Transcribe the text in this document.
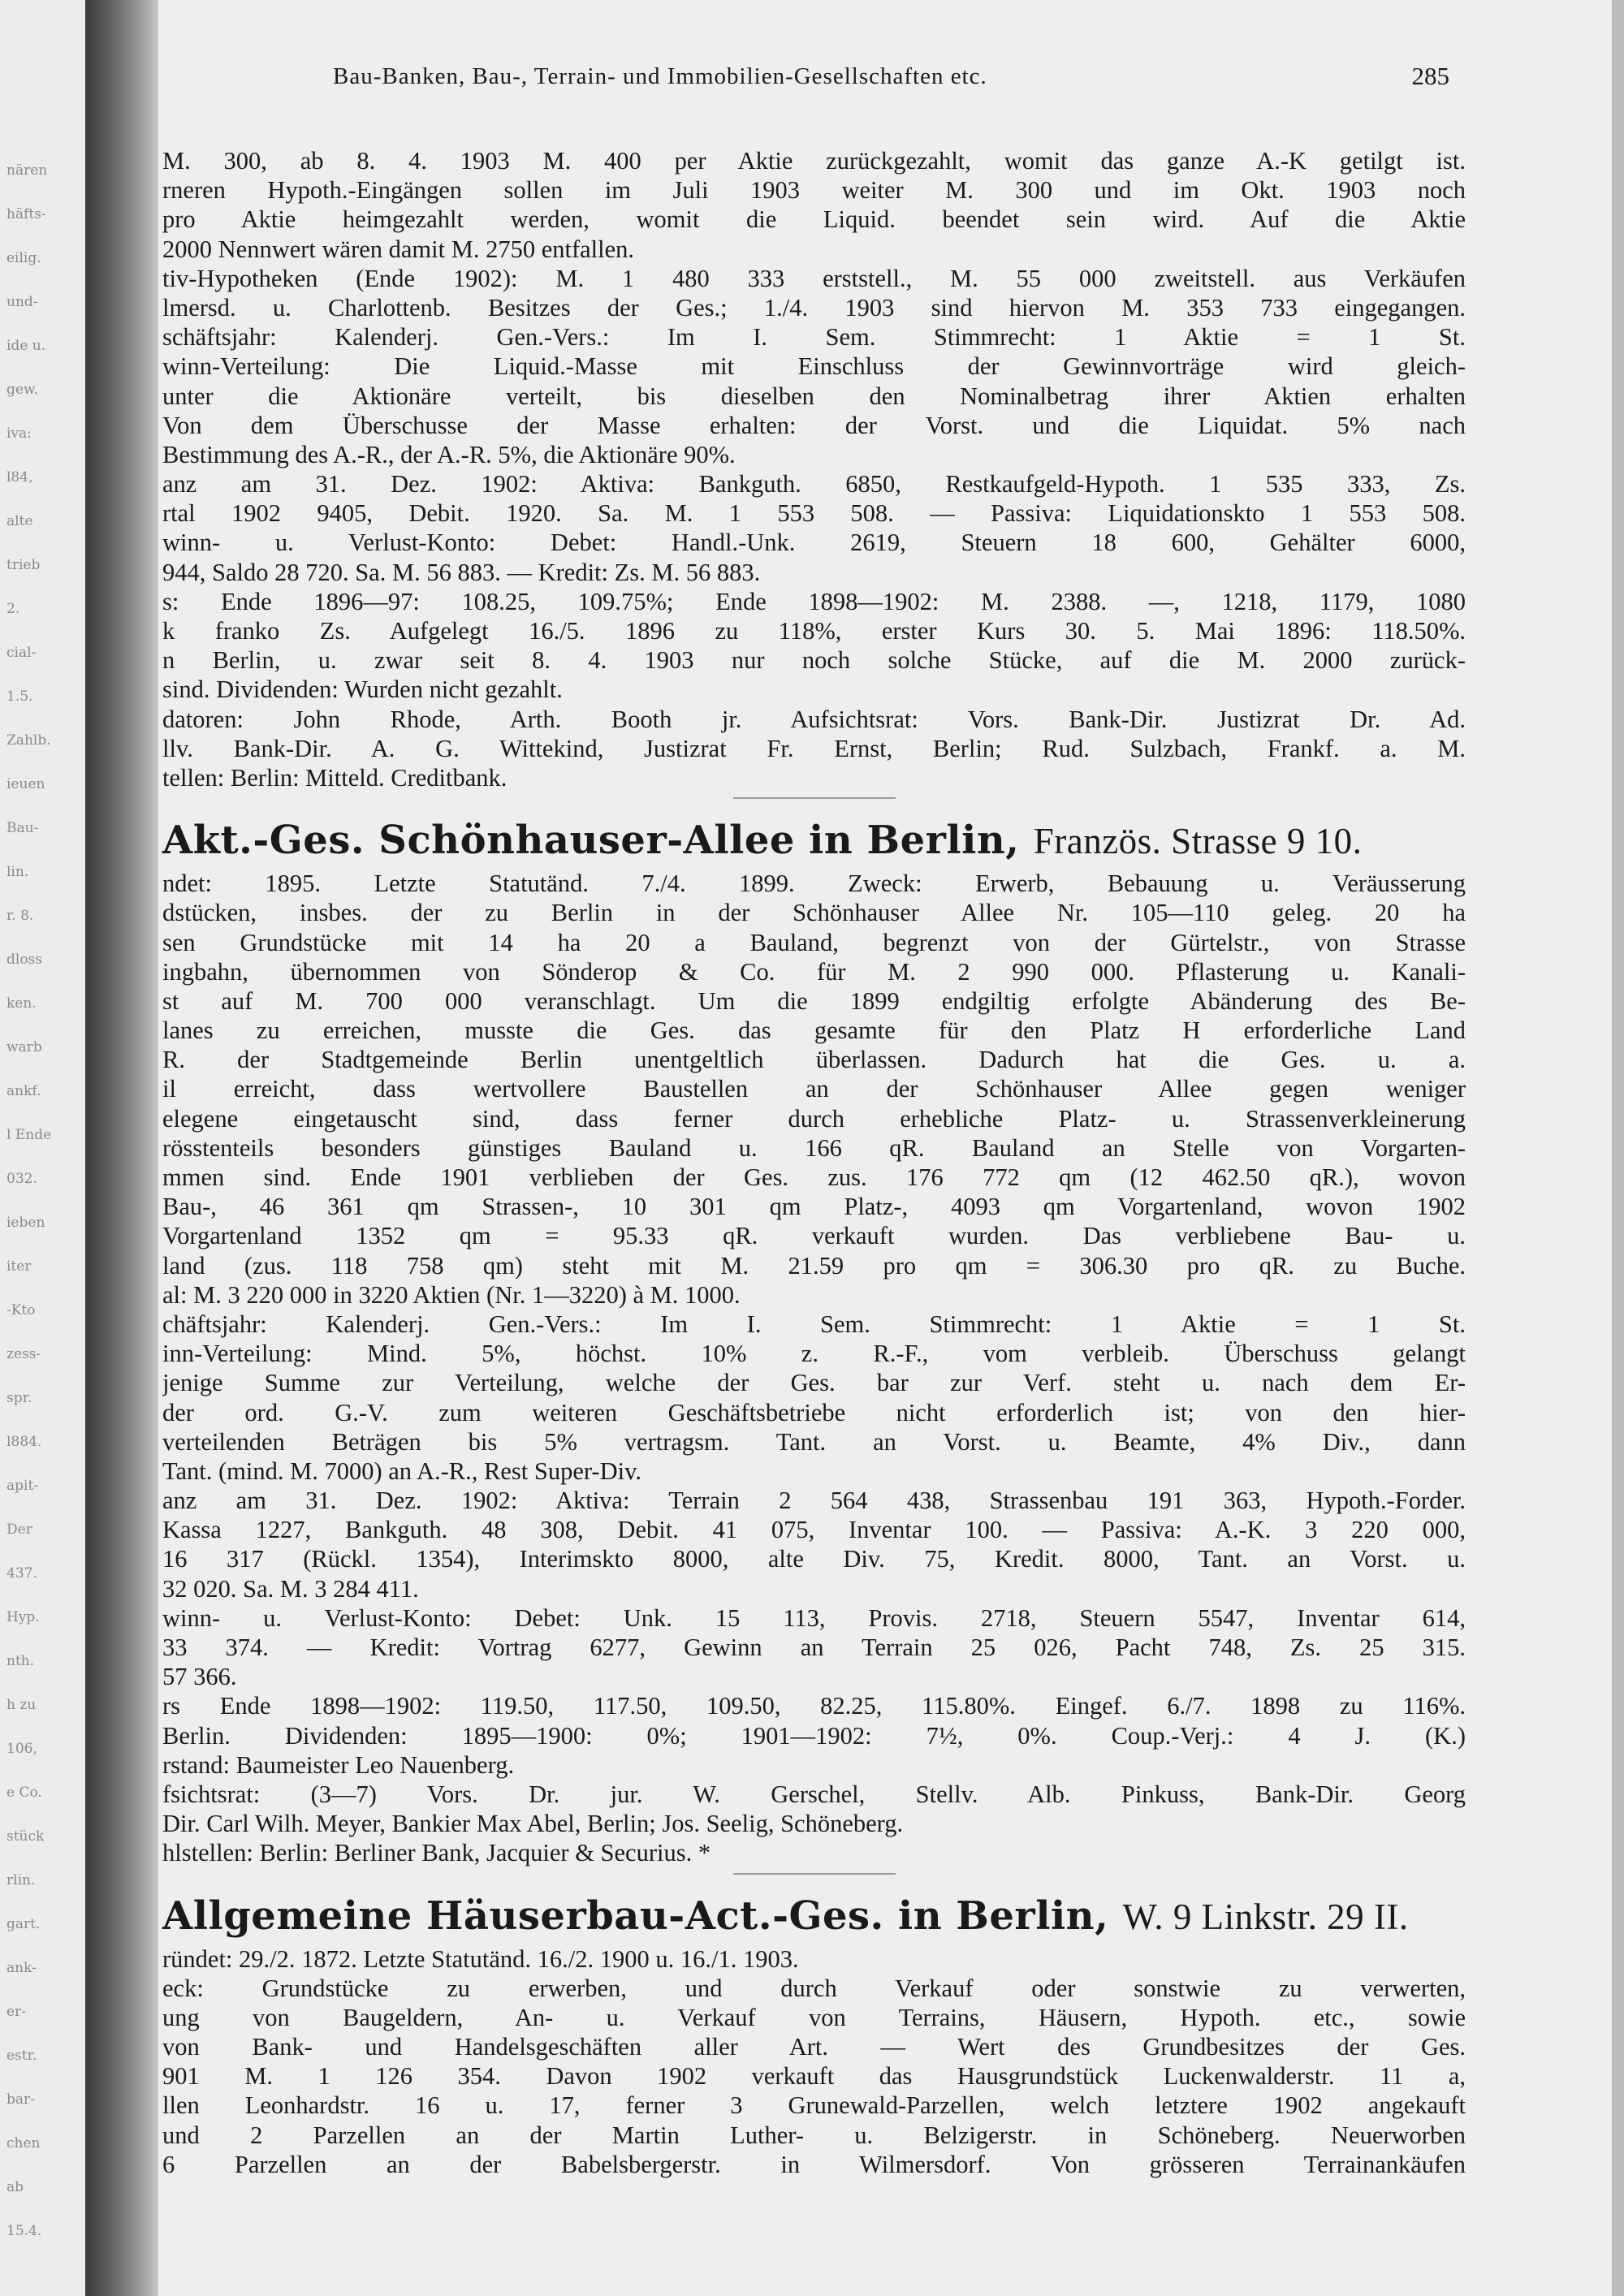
nären
häfts-
eilig.
und-
ide u.
gew.
iva:
l84,
alte
trieb
2.
cial-
1.5.
Zahlb.
ieuen
Bau-
lin.
r. 8.
dloss
ken.
warb
ankf.
l Ende
032.
ieben
iter
-Kto
zess-
spr.
l884.
apit-
Der
437.
Hyp.
nth.
h zu
106,
e Co.
stück
rlin.
gart.
ank-
er-
estr.
bar-
chen
ab
15.4.
Bau-Banken, Bau-, Terrain- und Immobilien-Gesellschaften etc.	285
M. 300, ab 8. 4. 1903 M. 400 per Aktie zurückgezahlt, womit das ganze A.-K getilgt ist.
rneren Hypoth.-Eingängen sollen im Juli 1903 weiter M. 300 und im Okt. 1903 noch
pro Aktie heimgezahlt werden, womit die Liquid. beendet sein wird. Auf die Aktie
2000 Nennwert wären damit M. 2750 entfallen.
tiv-Hypotheken (Ende 1902): M. 1 480 333 erststell., M. 55 000 zweitstell. aus Verkäufen
lmersd. u. Charlottenb. Besitzes der Ges.; 1./4. 1903 sind hiervon M. 353 733 eingegangen.
schäftsjahr: Kalenderj. Gen.-Vers.: Im I. Sem. Stimmrecht: 1 Aktie = 1 St.
winn-Verteilung: Die Liquid.-Masse mit Einschluss der Gewinnvorträge wird gleich-
unter die Aktionäre verteilt, bis dieselben den Nominalbetrag ihrer Aktien erhalten
Von dem Überschusse der Masse erhalten: der Vorst. und die Liquidat. 5% nach
Bestimmung des A.-R., der A.-R. 5%, die Aktionäre 90%.
anz am 31. Dez. 1902: Aktiva: Bankguth. 6850, Restkaufgeld-Hypoth. 1 535 333, Zs.
rtal 1902 9405, Debit. 1920. Sa. M. 1 553 508. — Passiva: Liquidationskto 1 553 508.
winn- u. Verlust-Konto: Debet: Handl.-Unk. 2619, Steuern 18 600, Gehälter 6000,
944, Saldo 28 720. Sa. M. 56 883. — Kredit: Zs. M. 56 883.
s: Ende 1896—97: 108.25, 109.75%; Ende 1898—1902: M. 2388. —, 1218, 1179, 1080
k franko Zs. Aufgelegt 16./5. 1896 zu 118%, erster Kurs 30. 5. Mai 1896: 118.50%.
n Berlin, u. zwar seit 8. 4. 1903 nur noch solche Stücke, auf die M. 2000 zurück-
sind. Dividenden: Wurden nicht gezahlt.
datoren: John Rhode, Arth. Booth jr. Aufsichtsrat: Vors. Bank-Dir. Justizrat Dr. Ad.
llv. Bank-Dir. A. G. Wittekind, Justizrat Fr. Ernst, Berlin; Rud. Sulzbach, Frankf. a. M.
tellen: Berlin: Mitteld. Creditbank.
Akt.-Ges. Schönhauser-Allee in Berlin, Französ. Strasse 9 10.
ndet: 1895. Letzte Statutänd. 7./4. 1899. Zweck: Erwerb, Bebauung u. Veräusserung
dstücken, insbes. der zu Berlin in der Schönhauser Allee Nr. 105—110 geleg. 20 ha
sen Grundstücke mit 14 ha 20 a Bauland, begrenzt von der Gürtelstr., von Strasse
ingbahn, übernommen von Sönderop & Co. für M. 2 990 000. Pflasterung u. Kanali-
st auf M. 700 000 veranschlagt. Um die 1899 endgiltig erfolgte Abänderung des Be-
lanes zu erreichen, musste die Ges. das gesamte für den Platz H erforderliche Land
R. der Stadtgemeinde Berlin unentgeltlich überlassen. Dadurch hat die Ges. u. a.
il erreicht, dass wertvollere Baustellen an der Schönhauser Allee gegen weniger
elegene eingetauscht sind, dass ferner durch erhebliche Platz- u. Strassenverkleinerung
rösstenteils besonders günstiges Bauland u. 166 qR. Bauland an Stelle von Vorgarten-
mmen sind. Ende 1901 verblieben der Ges. zus. 176 772 qm (12 462.50 qR.), wovon
Bau-, 46 361 qm Strassen-, 10 301 qm Platz-, 4093 qm Vorgartenland, wovon 1902
Vorgartenland 1352 qm = 95.33 qR. verkauft wurden. Das verbliebene Bau- u.
land (zus. 118 758 qm) steht mit M. 21.59 pro qm = 306.30 pro qR. zu Buche.
al: M. 3 220 000 in 3220 Aktien (Nr. 1—3220) à M. 1000.
chäftsjahr: Kalenderj. Gen.-Vers.: Im I. Sem. Stimmrecht: 1 Aktie = 1 St.
inn-Verteilung: Mind. 5%, höchst. 10% z. R.-F., vom verbleib. Überschuss gelangt
jenige Summe zur Verteilung, welche der Ges. bar zur Verf. steht u. nach dem Er-
der ord. G.-V. zum weiteren Geschäftsbetriebe nicht erforderlich ist; von den hier-
verteilenden Beträgen bis 5% vertragsm. Tant. an Vorst. u. Beamte, 4% Div., dann
Tant. (mind. M. 7000) an A.-R., Rest Super-Div.
anz am 31. Dez. 1902: Aktiva: Terrain 2 564 438, Strassenbau 191 363, Hypoth.-Forder.
Kassa 1227, Bankguth. 48 308, Debit. 41 075, Inventar 100. — Passiva: A.-K. 3 220 000,
16 317 (Rückl. 1354), Interimskto 8000, alte Div. 75, Kredit. 8000, Tant. an Vorst. u.
32 020. Sa. M. 3 284 411.
winn- u. Verlust-Konto: Debet: Unk. 15 113, Provis. 2718, Steuern 5547, Inventar 614,
33 374. — Kredit: Vortrag 6277, Gewinn an Terrain 25 026, Pacht 748, Zs. 25 315.
57 366.
rs Ende 1898—1902: 119.50, 117.50, 109.50, 82.25, 115.80%. Eingef. 6./7. 1898 zu 116%.
Berlin. Dividenden: 1895—1900: 0%; 1901—1902: 7½, 0%. Coup.-Verj.: 4 J. (K.)
rstand: Baumeister Leo Nauenberg.
fsichtsrat: (3—7) Vors. Dr. jur. W. Gerschel, Stellv. Alb. Pinkuss, Bank-Dir. Georg
Dir. Carl Wilh. Meyer, Bankier Max Abel, Berlin; Jos. Seelig, Schöneberg.
hlstellen: Berlin: Berliner Bank, Jacquier & Securius. *
Allgemeine Häuserbau-Act.-Ges. in Berlin, W. 9 Linkstr. 29 II.
ründet: 29./2. 1872. Letzte Statutänd. 16./2. 1900 u. 16./1. 1903.
eck: Grundstücke zu erwerben, und durch Verkauf oder sonstwie zu verwerten,
ung von Baugeldern, An- u. Verkauf von Terrains, Häusern, Hypoth. etc., sowie
von Bank- und Handelsgeschäften aller Art. — Wert des Grundbesitzes der Ges.
901 M. 1 126 354. Davon 1902 verkauft das Hausgrundstück Luckenwalderstr. 11 a,
llen Leonhardstr. 16 u. 17, ferner 3 Grunewald-Parzellen, welch letztere 1902 angekauft
und 2 Parzellen an der Martin Luther- u. Belzigerstr. in Schöneberg. Neuerworben
6 Parzellen an der Babelsbergerstr. in Wilmersdorf. Von grösseren Terrainankäufen
